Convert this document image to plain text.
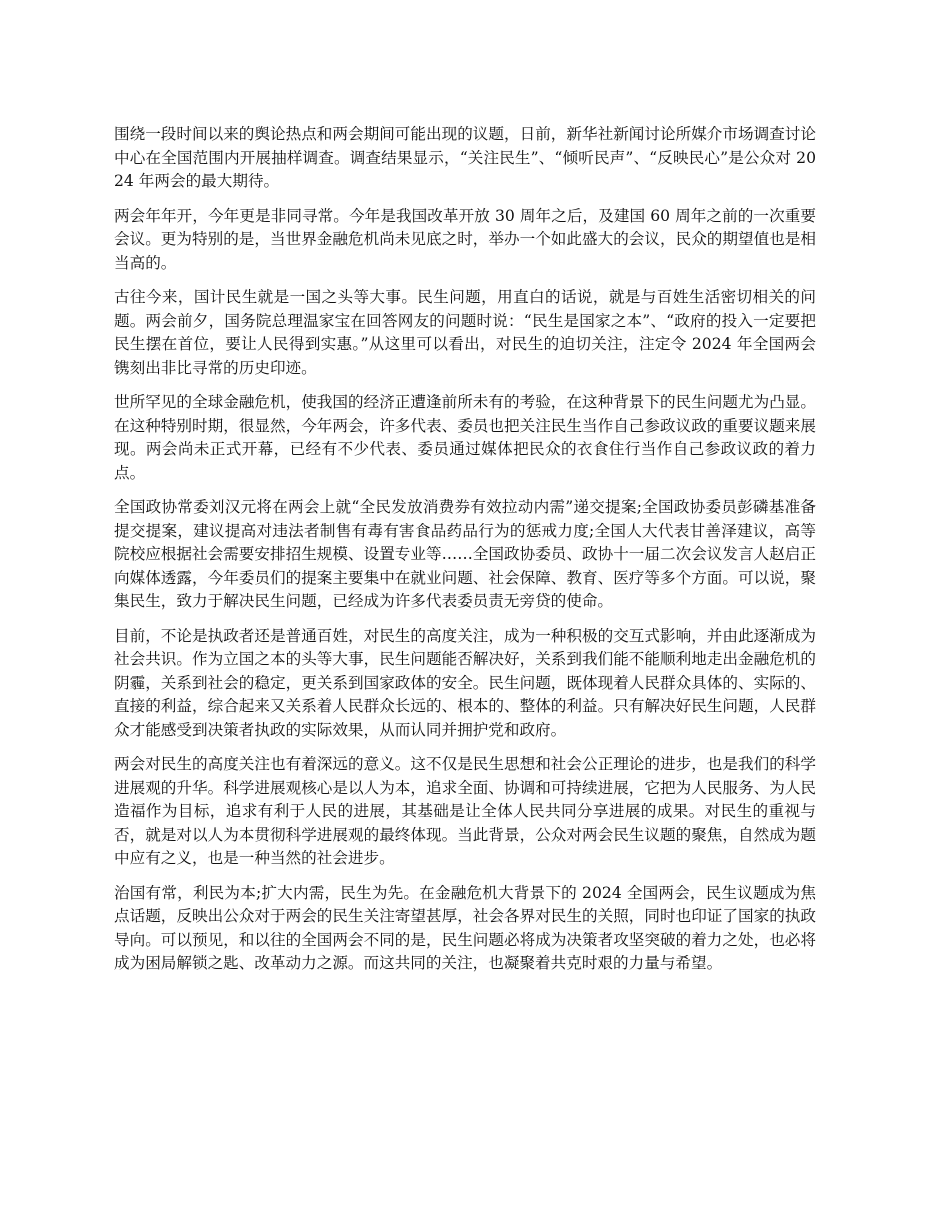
围绕一段时间以来的舆论热点和两会期间可能出现的议题，日前，新华社新闻讨论所媒介市场调查讨论中心在全国范围内开展抽样调查。调查结果显示，“关注民生”、“倾听民声”、“反映民心”是公众对 2024 年两会的最大期待。

两会年年开，今年更是非同寻常。今年是我国改革开放 30 周年之后，及建国 60 周年之前的一次重要会议。更为特别的是，当世界金融危机尚未见底之时，举办一个如此盛大的会议，民众的期望值也是相当高的。

古往今来，国计民生就是一国之头等大事。民生问题，用直白的话说，就是与百姓生活密切相关的问题。两会前夕，国务院总理温家宝在回答网友的问题时说：“民生是国家之本”、“政府的投入一定要把民生摆在首位，要让人民得到实惠。”从这里可以看出，对民生的迫切关注，注定令 2024 年全国两会镌刻出非比寻常的历史印迹。

世所罕见的全球金融危机，使我国的经济正遭逢前所未有的考验，在这种背景下的民生问题尤为凸显。在这种特别时期，很显然，今年两会，许多代表、委员也把关注民生当作自己参政议政的重要议题来展现。两会尚未正式开幕，已经有不少代表、委员通过媒体把民众的衣食住行当作自己参政议政的着力点。

全国政协常委刘汉元将在两会上就“全民发放消费券有效拉动内需”递交提案;全国政协委员彭磷基准备提交提案，建议提高对违法者制售有毒有害食品药品行为的惩戒力度;全国人大代表甘善泽建议，高等院校应根据社会需要安排招生规模、设置专业等……全国政协委员、政协十一届二次会议发言人赵启正向媒体透露，今年委员们的提案主要集中在就业问题、社会保障、教育、医疗等多个方面。可以说，聚集民生，致力于解决民生问题，已经成为许多代表委员责无旁贷的使命。

目前，不论是执政者还是普通百姓，对民生的高度关注，成为一种积极的交互式影响，并由此逐渐成为社会共识。作为立国之本的头等大事，民生问题能否解决好，关系到我们能不能顺利地走出金融危机的阴霾，关系到社会的稳定，更关系到国家政体的安全。民生问题，既体现着人民群众具体的、实际的、直接的利益，综合起来又关系着人民群众长远的、根本的、整体的利益。只有解决好民生问题，人民群众才能感受到决策者执政的实际效果，从而认同并拥护党和政府。

两会对民生的高度关注也有着深远的意义。这不仅是民生思想和社会公正理论的进步，也是我们的科学进展观的升华。科学进展观核心是以人为本，追求全面、协调和可持续进展，它把为人民服务、为人民造福作为目标，追求有利于人民的进展，其基础是让全体人民共同分享进展的成果。对民生的重视与否，就是对以人为本贯彻科学进展观的最终体现。当此背景，公众对两会民生议题的聚焦，自然成为题中应有之义，也是一种当然的社会进步。

治国有常，利民为本;扩大内需，民生为先。在金融危机大背景下的 2024 全国两会，民生议题成为焦点话题，反映出公众对于两会的民生关注寄望甚厚，社会各界对民生的关照，同时也印证了国家的执政导向。可以预见，和以往的全国两会不同的是，民生问题必将成为决策者攻坚突破的着力之处，也必将成为困局解锁之匙、改革动力之源。而这共同的关注，也凝聚着共克时艰的力量与希望。
